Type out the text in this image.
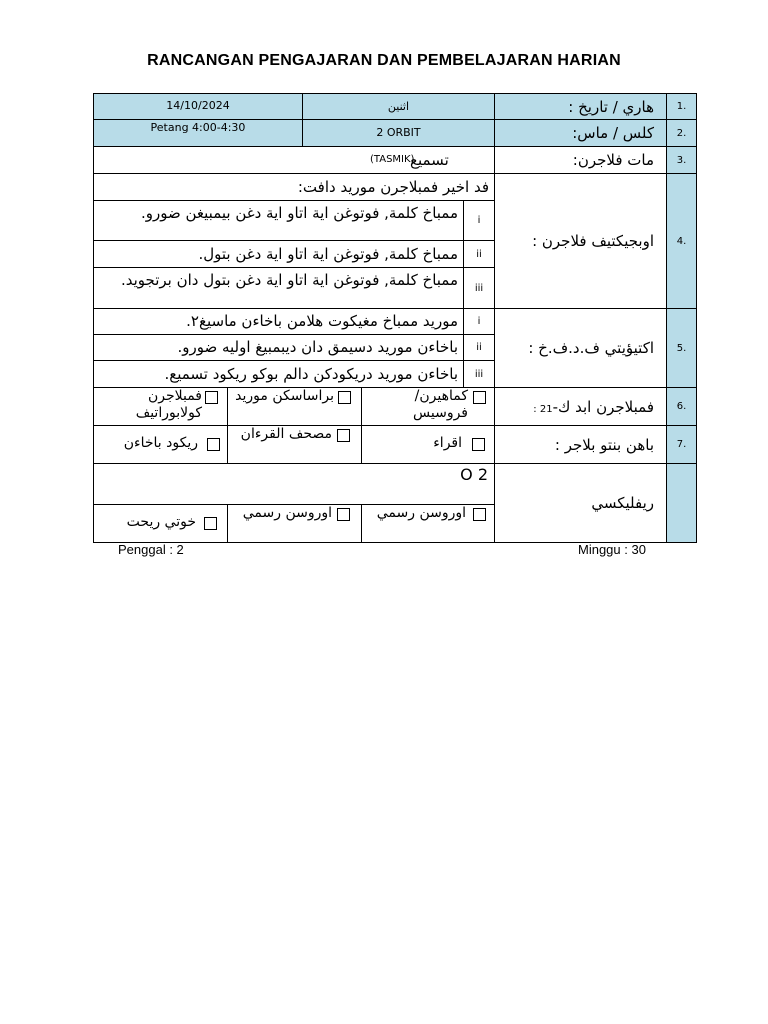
RANCANGAN PENGAJARAN DAN PEMBELAJARAN HARIAN
1.
هاري / تاريخ :
اثنين
14/10/2024
2.
كلس / ماس:
2 ORBIT
Petang 4:00-4:30
3.
مات فلاجرن:
تسميع
(TASMIK)
4.
اوبجيكتيف فلاجرن :
فد اخير فمبلاجرن موريد دافت:
i
ممباخ كلمة, فوتوغن اية اتاو اية دغن بيمبيغن ضورو.
ii
ممباخ كلمة, فوتوغن اية اتاو اية دغن بتول.
iii
ممباخ كلمة, فوتوغن اية اتاو اية دغن بتول دان برتجويد.
5.
اكتيؤيتي ف.د.ف.خ :
i
موريد ممباخ مغيكوت هلامن باخاءن ماسيغ٢.
ii
باخاءن موريد دسيمق دان ديبمبيغ اوليه ضورو.
iii
باخاءن موريد دريكودكن دالم بوكو ريكود تسميع.
6.
فمبلاجرن ابد ك-21 :
كماهيرن/ فروسيس
براساسكن موريد
فمبلاجرن كولابوراتيف
7.
باهن بنتو بلاجر :
اقراء
مصحف القرءان
ريكود باخاءن
ريفليكسي
O 2
اوروسن رسمي
اوروسن رسمي
خوتي ريحت
Penggal : 2	Minggu : 30
